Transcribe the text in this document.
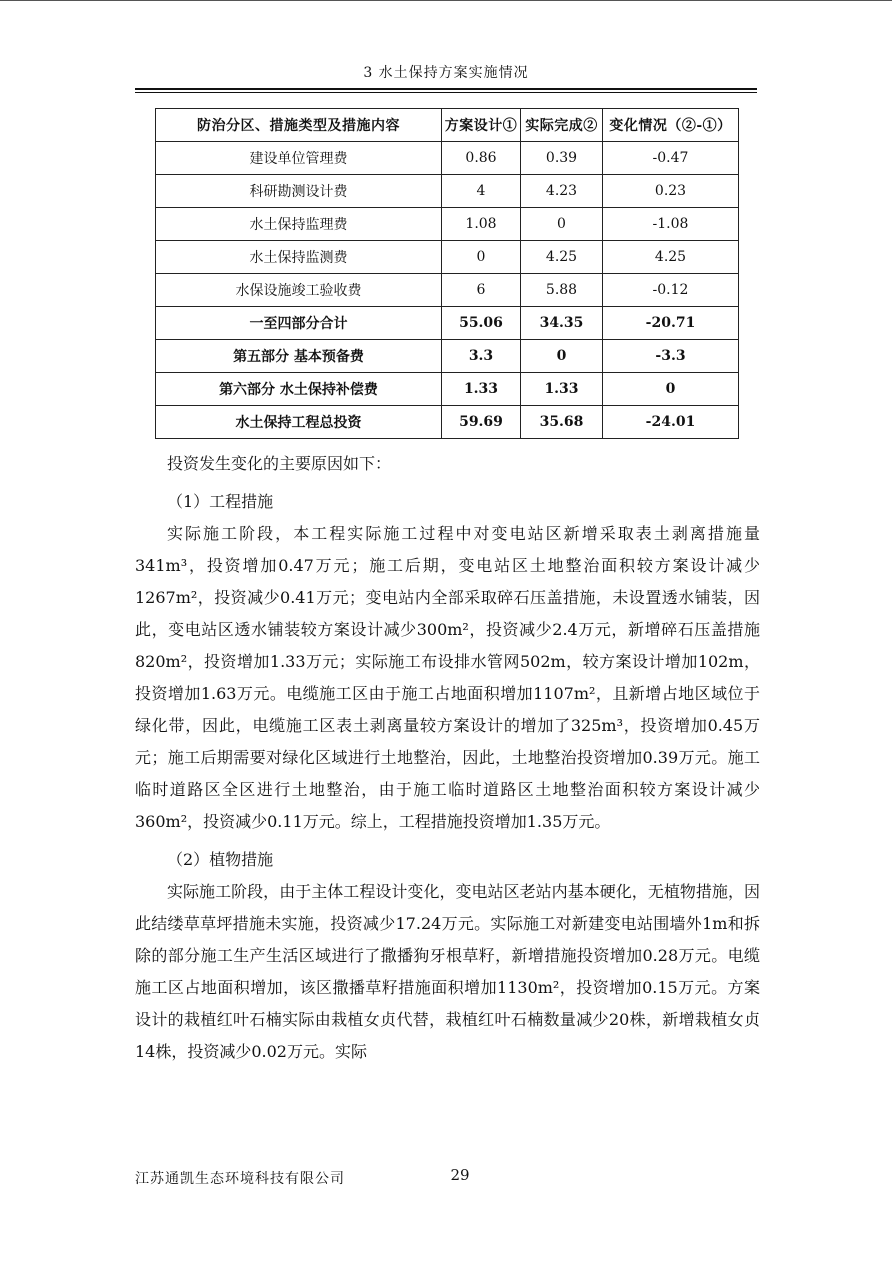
3 水土保持方案实施情况
防治分区、措施类型及措施内容	方案设计①	实际完成②	变化情况（②-①）
建设单位管理费	0.86	0.39	-0.47
科研勘测设计费	4	4.23	0.23
水土保持监理费	1.08	0	-1.08
水土保持监测费	0	4.25	4.25
水保设施竣工验收费	6	5.88	-0.12
一至四部分合计	55.06	34.35	-20.71
第五部分 基本预备费	3.3	0	-3.3
第六部分 水土保持补偿费	1.33	1.33	0
水土保持工程总投资	59.69	35.68	-24.01

投资发生变化的主要原因如下：

（1）工程措施

实际施工阶段，本工程实际施工过程中对变电站区新增采取表土剥离措施量341m³，投资增加0.47万元；施工后期，变电站区土地整治面积较方案设计减少1267m²，投资减少0.41万元；变电站内全部采取碎石压盖措施，未设置透水铺装，因此，变电站区透水铺装较方案设计减少300m²，投资减少2.4万元，新增碎石压盖措施820m²，投资增加1.33万元；实际施工布设排水管网502m，较方案设计增加102m，投资增加1.63万元。电缆施工区由于施工占地面积增加1107m²，且新增占地区域位于绿化带，因此，电缆施工区表土剥离量较方案设计的增加了325m³，投资增加0.45万元；施工后期需要对绿化区域进行土地整治，因此，土地整治投资增加0.39万元。施工临时道路区全区进行土地整治，由于施工临时道路区土地整治面积较方案设计减少360m²，投资减少0.11万元。综上，工程措施投资增加1.35万元。

（2）植物措施

实际施工阶段，由于主体工程设计变化，变电站区老站内基本硬化，无植物措施，因此结缕草草坪措施未实施，投资减少17.24万元。实际施工对新建变电站围墙外1m和拆除的部分施工生产生活区域进行了撒播狗牙根草籽，新增措施投资增加0.28万元。电缆施工区占地面积增加，该区撒播草籽措施面积增加1130m²，投资增加0.15万元。方案设计的栽植红叶石楠实际由栽植女贞代替，栽植红叶石楠数量减少20株，新增栽植女贞14株，投资减少0.02万元。实际

江苏通凯生态环境科技有限公司	29
